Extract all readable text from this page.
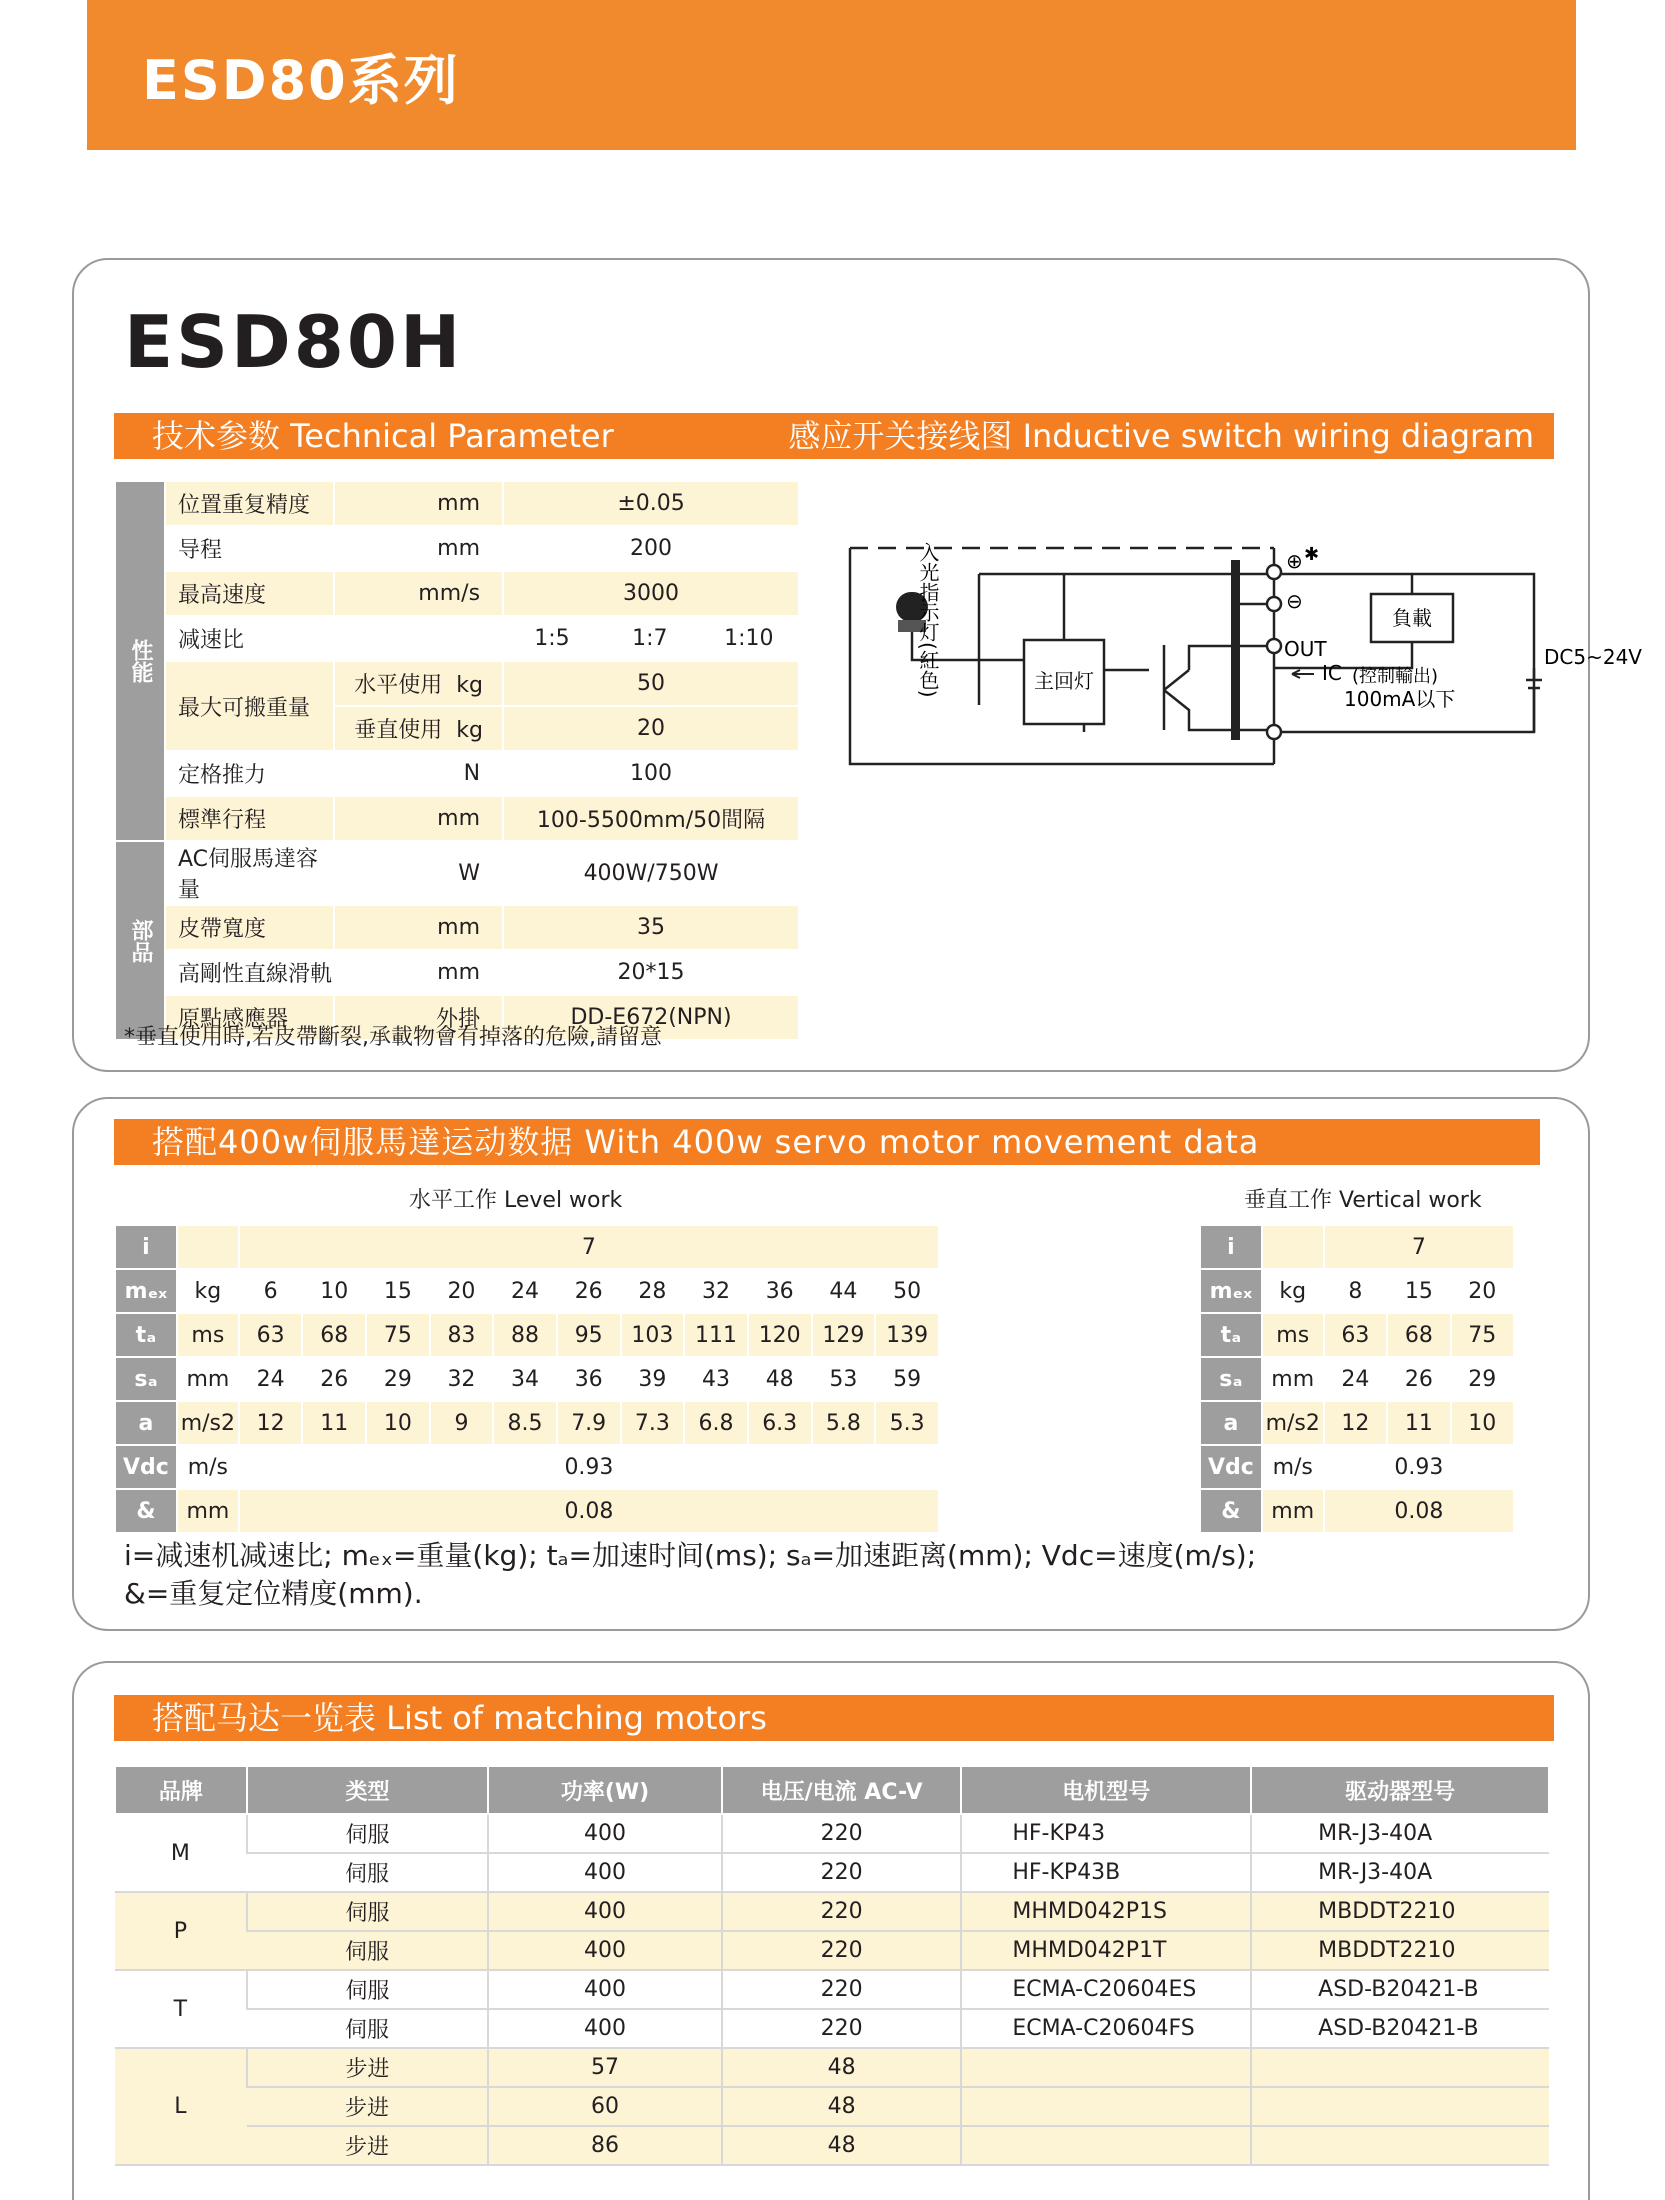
ESD80系列
ESD80H
技术参数 Technical Parameter	感应开关接线图 Inductive switch wiring diagram
性能	位置重复精度	mm	±0.05		
	导程	mm	200		
	最高速度	mm/s	3000		
	减速比		1:5	1:7	1:10
	最大可搬重量	水平使用 kg	50		
		垂直使用 kg	20		
	定格推力	N	100		
	標準行程	mm	100-5500mm/50間隔		
部品	AC伺服馬達容量	W	400W/750W		
	皮帶寬度	mm	35		
	高剛性直線滑軌	mm	20*15		
	原點感應器	外掛	DD-E672(NPN)		
入光指示灯(紅色)	主回灯
負載
OUT
IC (控制輸出)
100mA以下
DC5~24V
⊕
⊖
✱
*垂直使用時,若皮帶斷裂,承載物會有掉落的危險,請留意
搭配400w伺服馬達运动数据 With 400w servo motor movement data
水平工作 Level work	垂直工作 Vertical work
i		7										
mₑₓ	kg	6	10	15	20	24	26	28	32	36	44	50
tₐ	ms	63	68	75	83	88	95	103	111	120	129	139
sₐ	mm	24	26	29	32	34	36	39	43	48	53	59
a	m/s2	12	11	10	9	8.5	7.9	7.3	6.8	6.3	5.8	5.3
Vdc	m/s	0.93										
&	mm	0.08										
i		7		
mₑₓ	kg	8	15	20
tₐ	ms	63	68	75
sₐ	mm	24	26	29
a	m/s2	12	11	10
Vdc	m/s	0.93		
&	mm	0.08		
i=减速机减速比; mₑₓ=重量(kg); tₐ=加速时间(ms); sₐ=加速距离(mm); Vdc=速度(m/s);
&=重复定位精度(mm).
搭配马达一览表 List of matching motors
品牌	类型	功率(W)	电压/电流 AC-V	电机型号	驱动器型号
M	伺服	400	220	HF-KP43	MR-J3-40A
	伺服	400	220	HF-KP43B	MR-J3-40A
P	伺服	400	220	MHMD042P1S	MBDDT2210
	伺服	400	220	MHMD042P1T	MBDDT2210
T	伺服	400	220	ECMA-C20604ES	ASD-B20421-B
	伺服	400	220	ECMA-C20604FS	ASD-B20421-B
L	步进	57	48		
	步进	60	48		
	步进	86	48		
